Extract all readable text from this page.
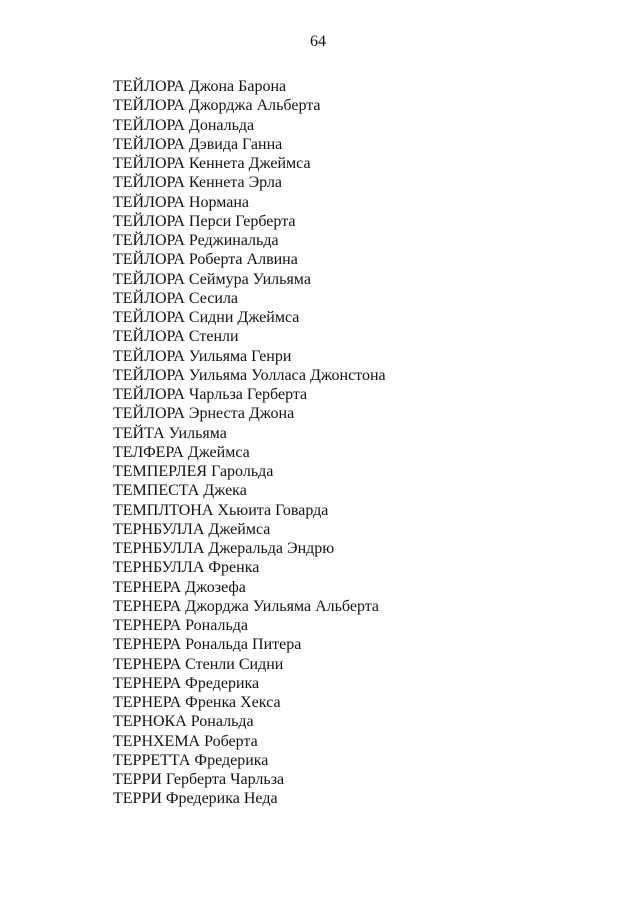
64
ТЕЙЛОРА Джона Барона
ТЕЙЛОРА Джорджа Альберта
ТЕЙЛОРА Дональда
ТЕЙЛОРА Дэвида Ганна
ТЕЙЛОРА Кеннета Джеймса
ТЕЙЛОРА Кеннета Эрла
ТЕЙЛОРА Нормана
ТЕЙЛОРА Перси Герберта
ТЕЙЛОРА Реджинальда
ТЕЙЛОРА Роберта Алвина
ТЕЙЛОРА Сеймура Уильяма
ТЕЙЛОРА Сесила
ТЕЙЛОРА Сидни Джеймса
ТЕЙЛОРА Стенли
ТЕЙЛОРА Уильяма Генри
ТЕЙЛОРА Уильяма Уолласа Джонстона
ТЕЙЛОРА Чарльза Герберта
ТЕЙЛОРА Эрнеста Джона
ТЕЙТА Уильяма
ТЕЛФЕРА Джеймса
ТЕМПЕРЛЕЯ Гарольда
ТЕМПЕСТА Джека
ТЕМПЛТОНА Хьюита Говарда
ТЕРНБУЛЛА Джеймса
ТЕРНБУЛЛА Джеральда Эндрю
ТЕРНБУЛЛА Френка
ТЕРНЕРА Джозефа
ТЕРНЕРА Джорджа Уильяма Альберта
ТЕРНЕРА Рональда
ТЕРНЕРА Рональда Питера
ТЕРНЕРА Стенли Сидни
ТЕРНЕРА Фредерика
ТЕРНЕРА Френка Хекса
ТЕРНОКА Рональда
ТЕРНХЕМА Роберта
ТЕРРЕТТА Фредерика
ТЕРРИ Герберта Чарльза
ТЕРРИ Фредерика Неда
